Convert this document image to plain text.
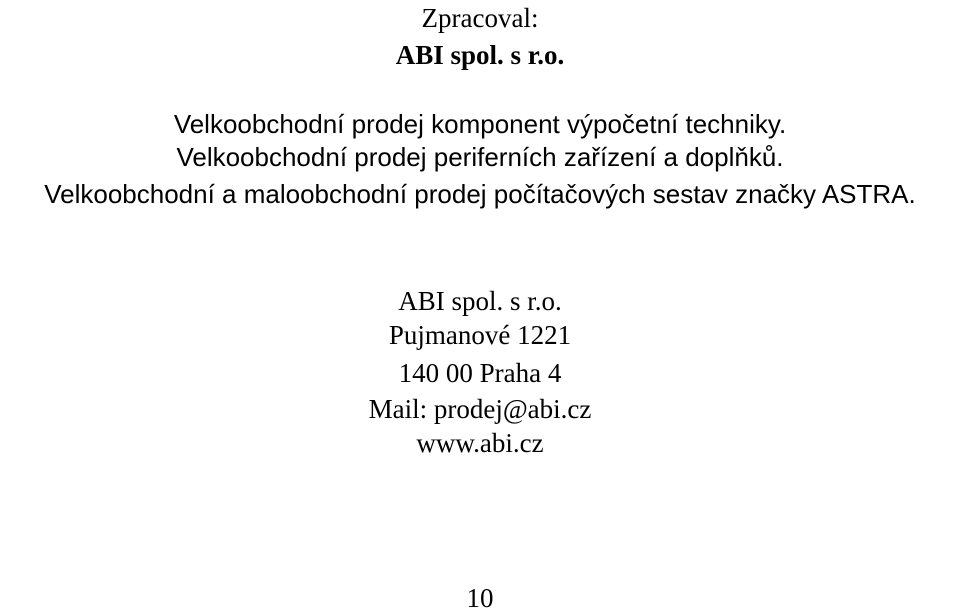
Zpracoval:
ABI spol. s r.o.
Velkoobchodní prodej komponent výpočetní techniky.
Velkoobchodní prodej periferních zařízení a doplňků.
Velkoobchodní a maloobchodní prodej počítačových sestav značky ASTRA.
ABI spol. s r.o.
Pujmanové 1221
140 00 Praha 4
Mail: prodej@abi.cz
www.abi.cz
10
